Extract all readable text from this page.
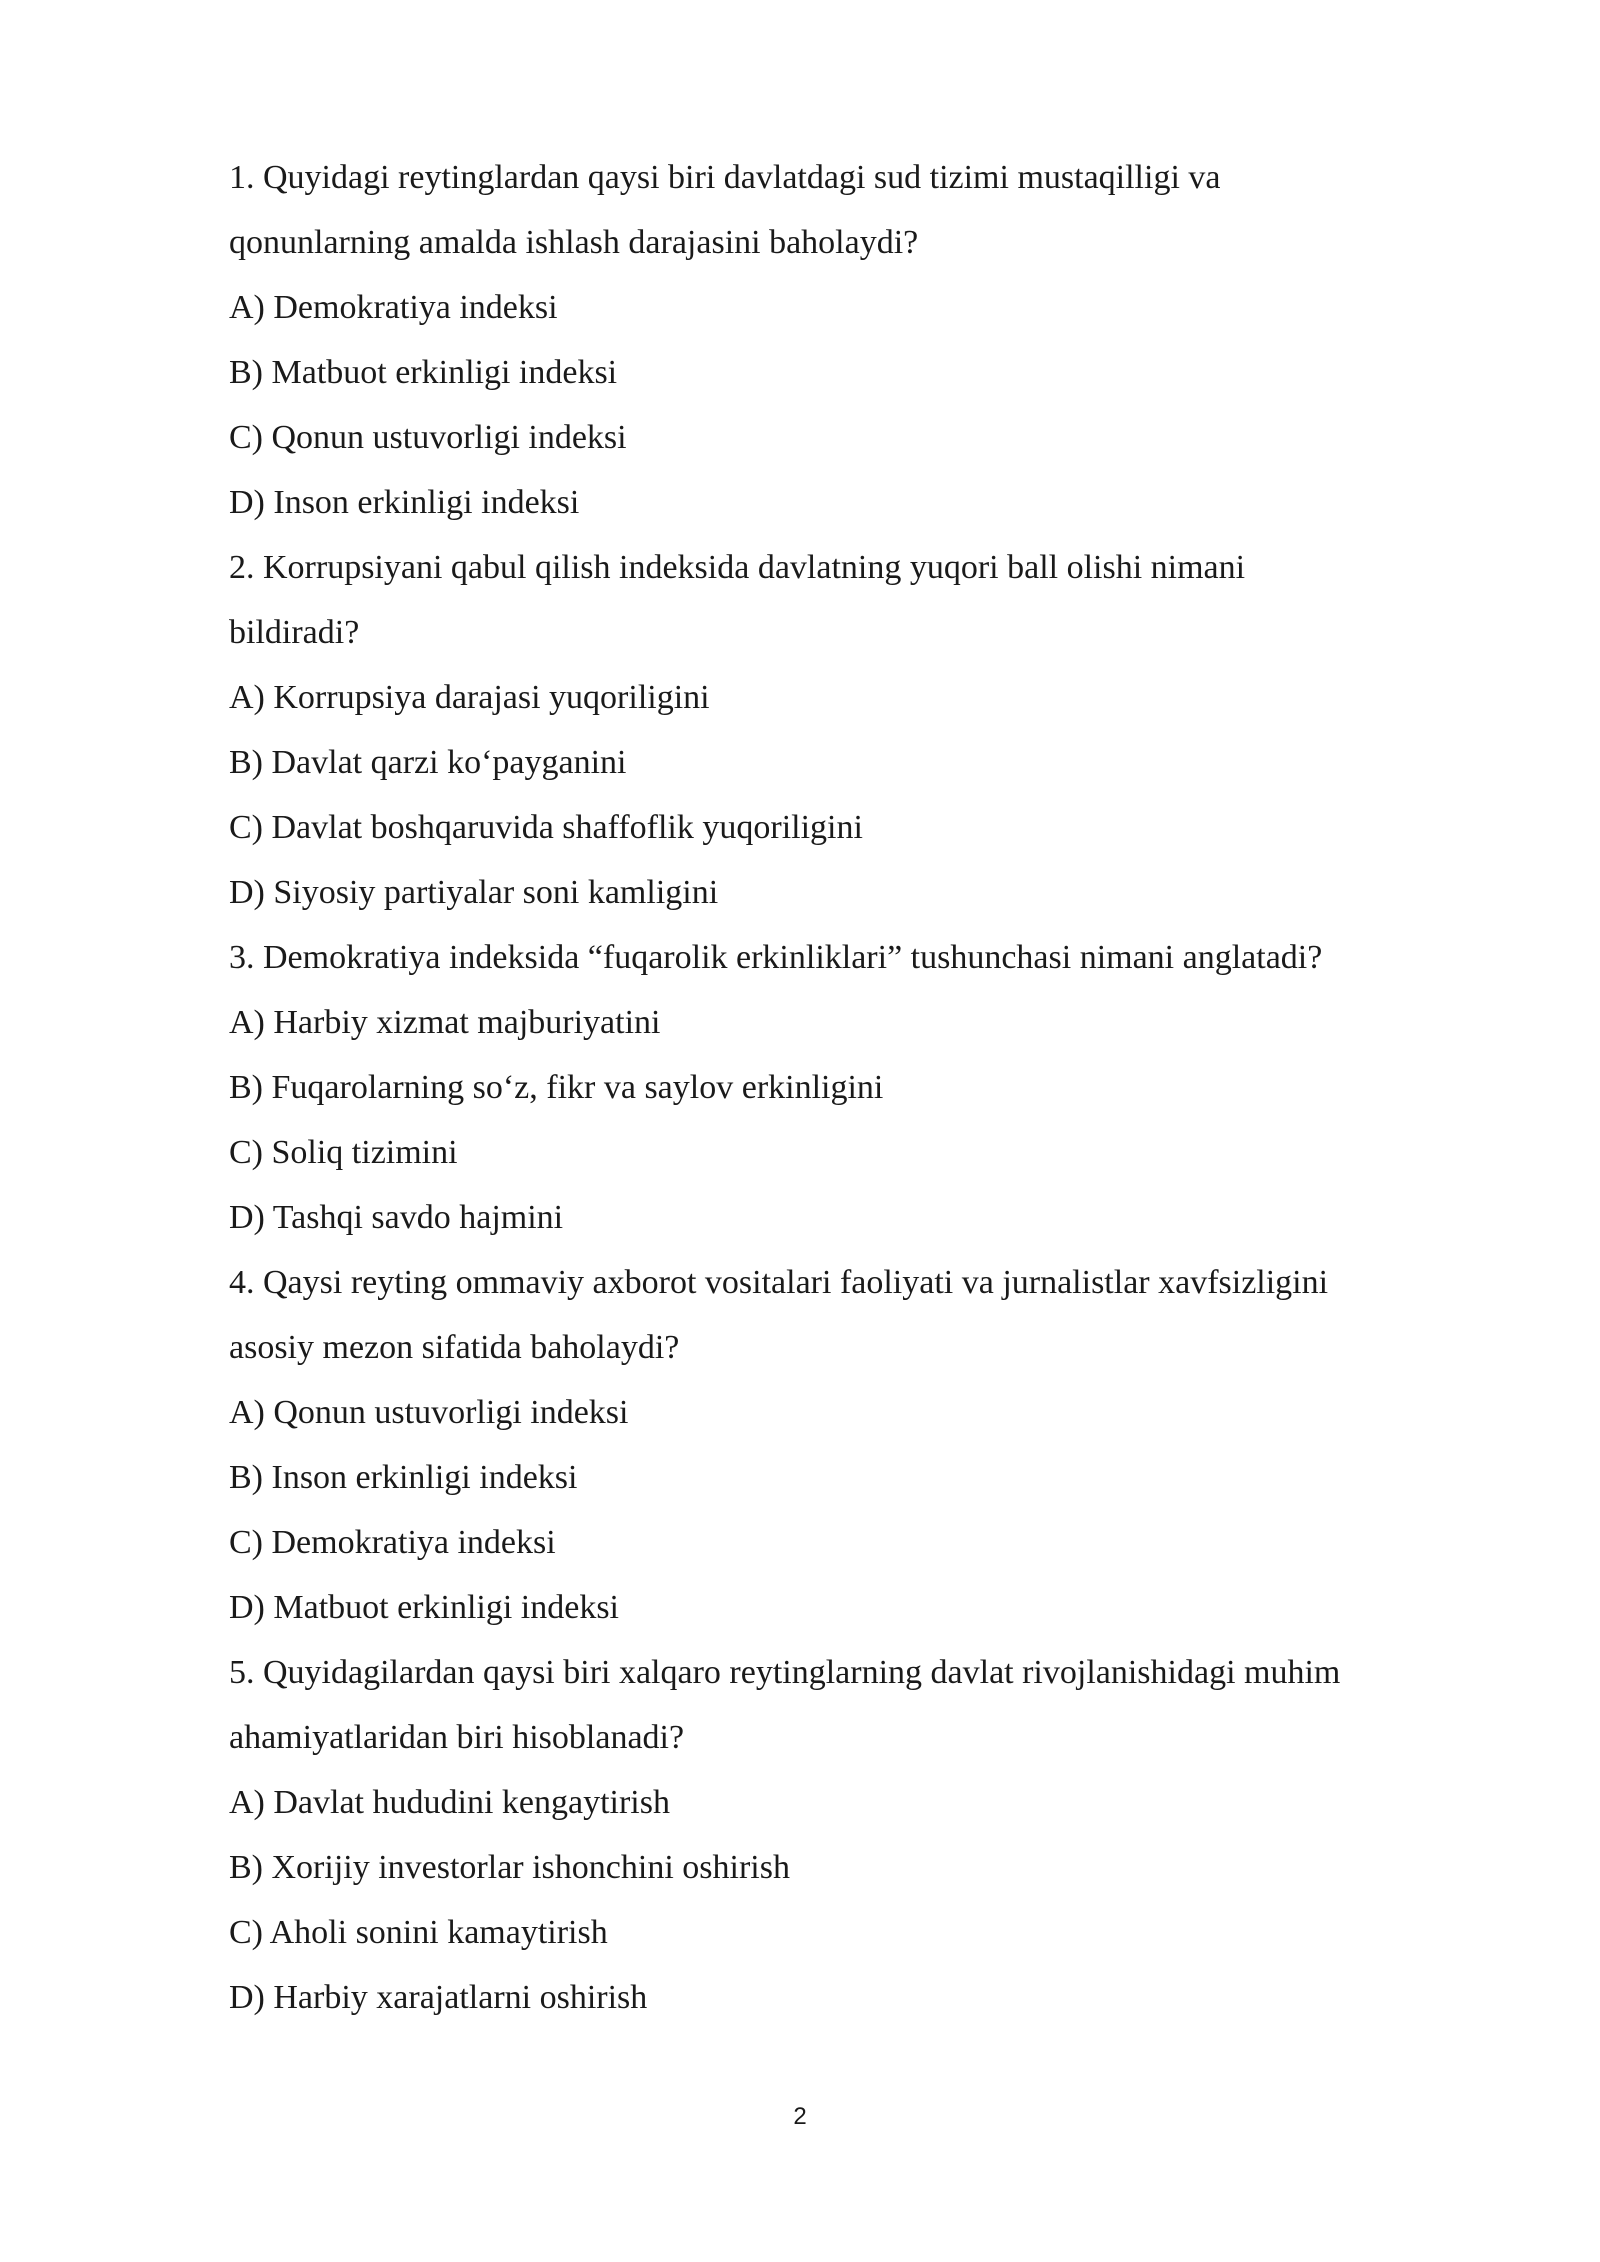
1. Quyidagi reytinglardan qaysi biri davlatdagi sud tizimi mustaqilligi va
qonunlarning amalda ishlash darajasini baholaydi?
A) Demokratiya indeksi
B) Matbuot erkinligi indeksi
C) Qonun ustuvorligi indeksi
D) Inson erkinligi indeksi
2. Korrupsiyani qabul qilish indeksida davlatning yuqori ball olishi nimani
bildiradi?
A) Korrupsiya darajasi yuqoriligini
B) Davlat qarzi ko‘payganini
C) Davlat boshqaruvida shaffoflik yuqoriligini
D) Siyosiy partiyalar soni kamligini
3. Demokratiya indeksida “fuqarolik erkinliklari” tushunchasi nimani anglatadi?
A) Harbiy xizmat majburiyatini
B) Fuqarolarning so‘z, fikr va saylov erkinligini
C) Soliq tizimini
D) Tashqi savdo hajmini
4. Qaysi reyting ommaviy axborot vositalari faoliyati va jurnalistlar xavfsizligini
asosiy mezon sifatida baholaydi?
A) Qonun ustuvorligi indeksi
B) Inson erkinligi indeksi
C) Demokratiya indeksi
D) Matbuot erkinligi indeksi
5. Quyidagilardan qaysi biri xalqaro reytinglarning davlat rivojlanishidagi muhim
ahamiyatlaridan biri hisoblanadi?
A) Davlat hududini kengaytirish
B) Xorijiy investorlar ishonchini oshirish
C) Aholi sonini kamaytirish
D) Harbiy xarajatlarni oshirish
2
